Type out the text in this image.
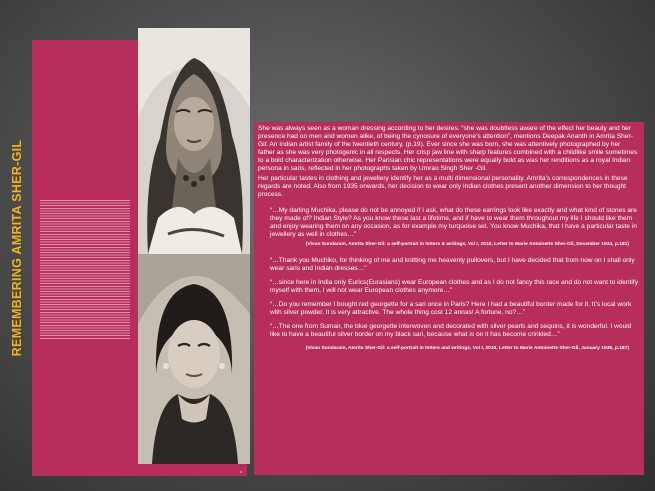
REMEMBERING AMRITA SHER-GIL
9

She was always seen as a woman dressing according to her desires. “she was doubtless aware of the effect her beauty and her presence had on men and women alike, of being the cynosure of everyone’s attention”, mentions Deepak Ananth in Amrita Sher-Gil: An Indian artist family of the twentieth century, (p.19). Ever since she was born, she was attentively photographed by her father as she was very photogenic in all respects. Her crisp jaw line with sharp features combined with a childlike smile sometimes to a bold characterization otherwise. Her Parisian chic representations were equally bold as was her renditions as a royal Indian persona in saris, reflected in her photographs taken by Umrao Singh Sher -Gil.

Her particular tastes in clothing and jewellery identify her as a multi dimensional personality. Amrita’s correspondences in these regards are noted. Also from 1935 onwards, her decision to wear only Indian clothes present another dimension to her thought process.

“…My darling Muchika, please do not be annoyed if I ask, what do these earrings look like exactly and what kind of stones are they made of? Indian Style? As you know these last a lifetime, and if have to wear them throughout my life I should like them and enjoy wearing them on any occasion, as for example my turquoise set. You know Muchika, that I have a particular taste in jewellery as well in clothes…”

(Vivan Sundaram, Amrita Sher-Gil: a self-portrait in letters & writings, Vol I, 2010, Letter to Marie Antoinette Sher-Gil, December 1934, p.181)

“…Thank you Muchiko, for thinking of me and knitting me heavenly pullovers, but I have decided that from now on I shall only wear saris and Indian dresses…”

“…since here in India only Eurics(Eurasians) wear European clothes and as I do not fancy this race and do not want to identify myself with them, I will not wear European clothes anymore…”

“…Do you remember I bought red georgette for a sari once in Paris? Here I had a beautiful border made for it. It’s local work with silver powder. It is very attractive. The whole thing cost 12 annas! A fortune, no?…”

“…The one from Sumair, the blue georgette interwoven and decorated with silver pearls and sequins, it is wonderful. I would like to have a beautiful silver border on my black sari, because what is on it has become crinkled…”

(Vivan Sundaram, Amrita Sher-Gil: a self-portrait in letters and writings, Vol I, 2010, Letter to Marie Antoinette Sher-Gil, January 1935, p.187)
